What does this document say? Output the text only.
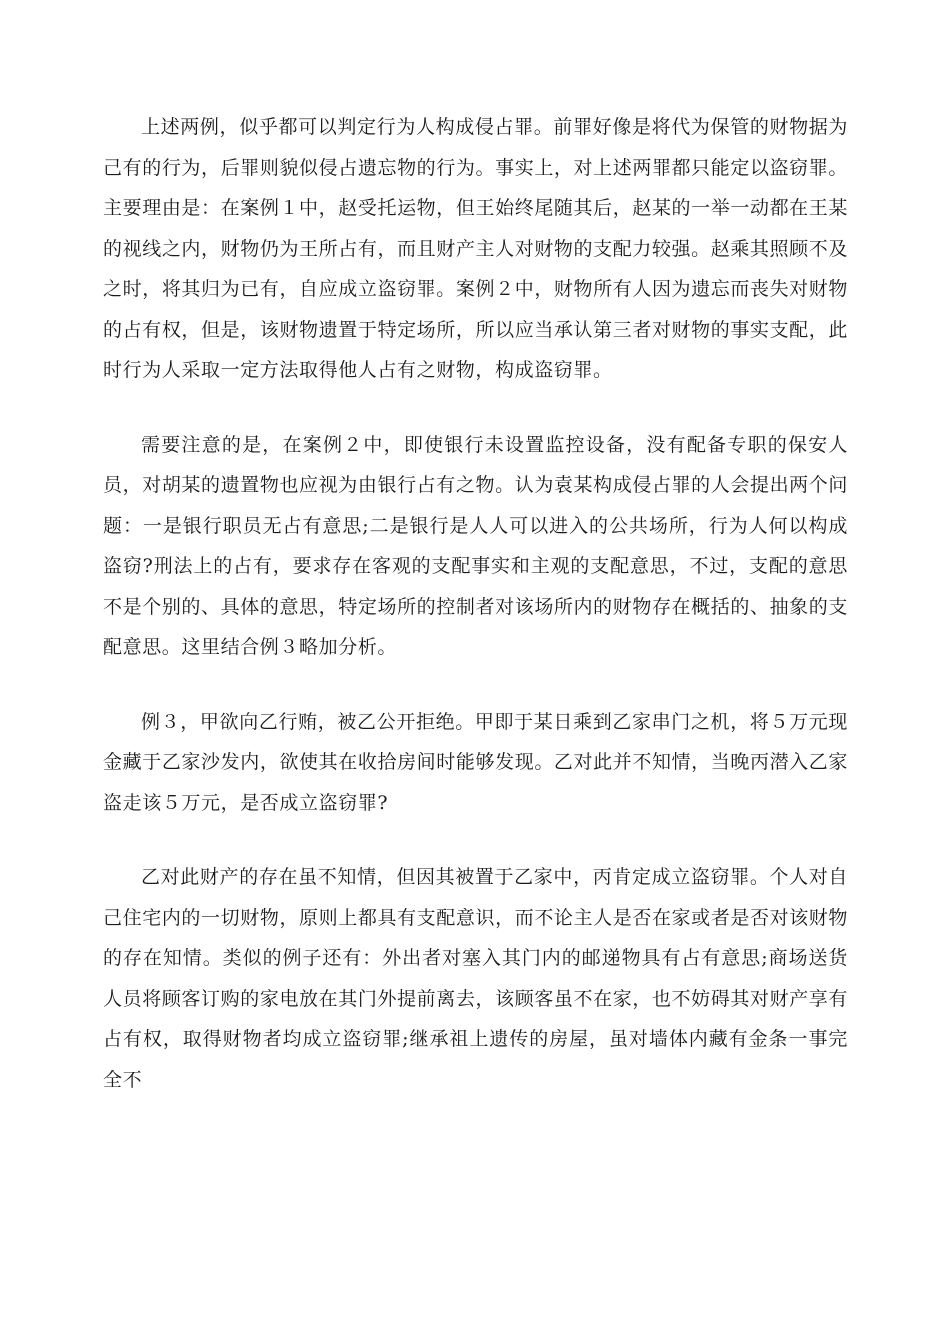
上述两例，似乎都可以判定行为人构成侵占罪。前罪好像是将代为保管的财物据为己有的行为，后罪则貌似侵占遗忘物的行为。事实上，对上述两罪都只能定以盗窃罪。主要理由是：在案例１中，赵受托运物，但王始终尾随其后，赵某的一举一动都在王某的视线之内，财物仍为王所占有，而且财产主人对财物的支配力较强。赵乘其照顾不及之时，将其归为已有，自应成立盗窃罪。案例２中，财物所有人因为遗忘而丧失对财物的占有权，但是，该财物遗置于特定场所，所以应当承认第三者对财物的事实支配，此时行为人采取一定方法取得他人占有之财物，构成盗窃罪。

需要注意的是，在案例２中，即使银行未设置监控设备，没有配备专职的保安人员，对胡某的遗置物也应视为由银行占有之物。认为袁某构成侵占罪的人会提出两个问题：一是银行职员无占有意思;二是银行是人人可以进入的公共场所，行为人何以构成盗窃?刑法上的占有，要求存在客观的支配事实和主观的支配意思，不过，支配的意思不是个别的、具体的意思，特定场所的控制者对该场所内的财物存在概括的、抽象的支配意思。这里结合例３略加分析。

例３，甲欲向乙行贿，被乙公开拒绝。甲即于某日乘到乙家串门之机，将５万元现金藏于乙家沙发内，欲使其在收拾房间时能够发现。乙对此并不知情，当晚丙潜入乙家盗走该５万元，是否成立盗窃罪?

乙对此财产的存在虽不知情，但因其被置于乙家中，丙肯定成立盗窃罪。个人对自己住宅内的一切财物，原则上都具有支配意识，而不论主人是否在家或者是否对该财物的存在知情。类似的例子还有：外出者对塞入其门内的邮递物具有占有意思;商场送货人员将顾客订购的家电放在其门外提前离去，该顾客虽不在家，也不妨碍其对财产享有占有权，取得财物者均成立盗窃罪;继承祖上遗传的房屋，虽对墙体内藏有金条一事完全不
